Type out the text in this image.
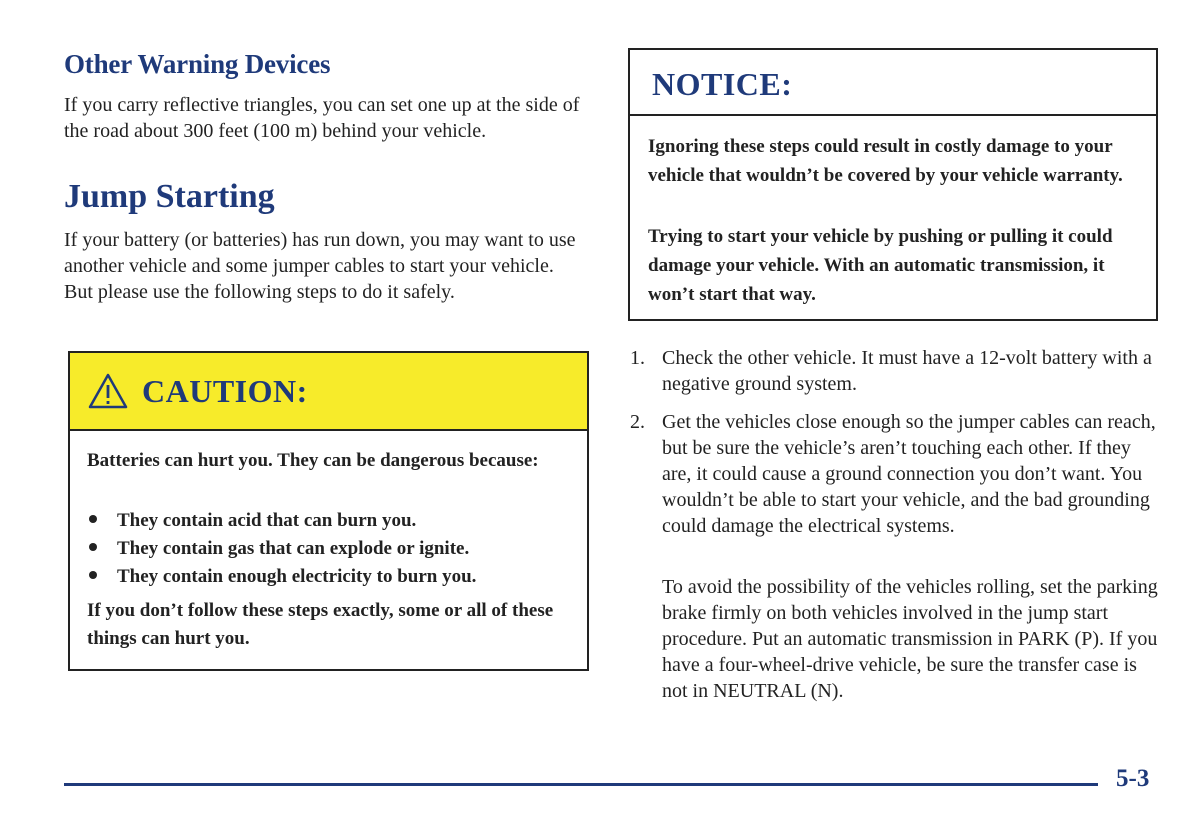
Other Warning Devices

If you carry reflective triangles, you can set one up at the side of the road about 300 feet (100 m) behind your vehicle.

Jump Starting

If your battery (or batteries) has run down, you may want to use another vehicle and some jumper cables to start your vehicle. But please use the following steps to do it safely.

CAUTION:

Batteries can hurt you. They can be dangerous because:

They contain acid that can burn you.
They contain gas that can explode or ignite.
They contain enough electricity to burn you.

If you don’t follow these steps exactly, some or all of these things can hurt you.

NOTICE:

Ignoring these steps could result in costly damage to your vehicle that wouldn’t be covered by your vehicle warranty.

Trying to start your vehicle by pushing or pulling it could damage your vehicle. With an automatic transmission, it won’t start that way.

1. Check the other vehicle. It must have a 12-volt battery with a negative ground system.
2. Get the vehicles close enough so the jumper cables can reach, but be sure the vehicle’s aren’t touching each other. If they are, it could cause a ground connection you don’t want. You wouldn’t be able to start your vehicle, and the bad grounding could damage the electrical systems.

To avoid the possibility of the vehicles rolling, set the parking brake firmly on both vehicles involved in the jump start procedure. Put an automatic transmission in PARK (P). If you have a four-wheel-drive vehicle, be sure the transfer case is not in NEUTRAL (N).

5-3
